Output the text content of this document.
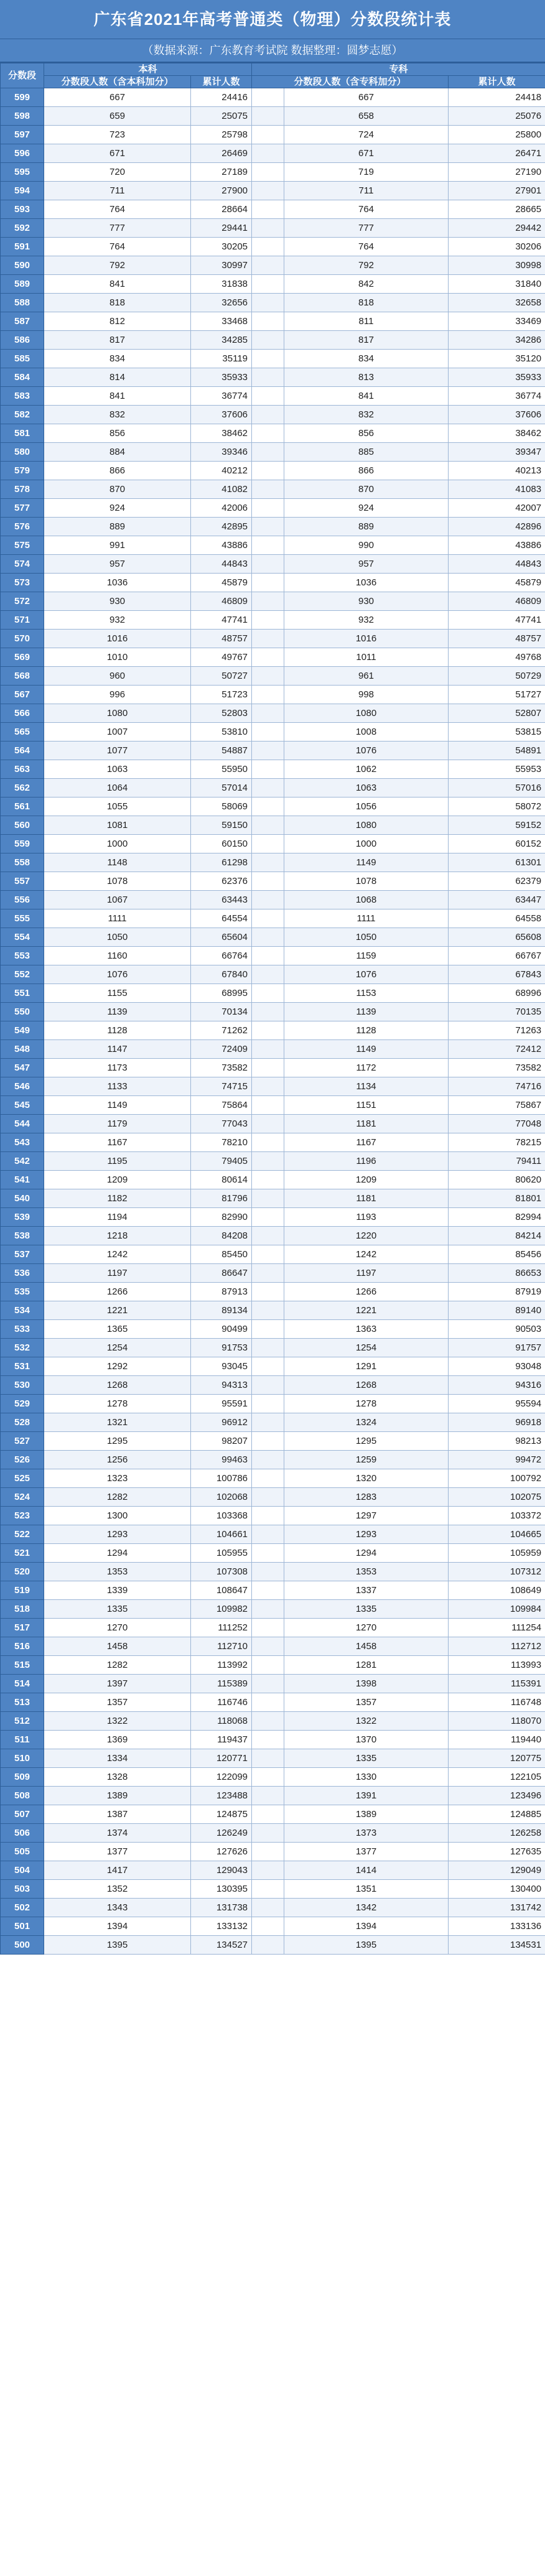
广东省2021年高考普通类（物理）分数段统计表
（数据来源：广东教育考试院 数据整理：圆梦志愿）
分数段	本科		专科		
	分数段人数（含本科加分）	累计人数	分数段人数（含专科加分）		累计人数
599	667	24416		667	24418
598	659	25075		658	25076
597	723	25798		724	25800
596	671	26469		671	26471
595	720	27189		719	27190
594	711	27900		711	27901
593	764	28664		764	28665
592	777	29441		777	29442
591	764	30205		764	30206
590	792	30997		792	30998
589	841	31838		842	31840
588	818	32656		818	32658
587	812	33468		811	33469
586	817	34285		817	34286
585	834	35119		834	35120
584	814	35933		813	35933
583	841	36774		841	36774
582	832	37606		832	37606
581	856	38462		856	38462
580	884	39346		885	39347
579	866	40212		866	40213
578	870	41082		870	41083
577	924	42006		924	42007
576	889	42895		889	42896
575	991	43886		990	43886
574	957	44843		957	44843
573	1036	45879		1036	45879
572	930	46809		930	46809
571	932	47741		932	47741
570	1016	48757		1016	48757
569	1010	49767		1011	49768
568	960	50727		961	50729
567	996	51723		998	51727
566	1080	52803		1080	52807
565	1007	53810		1008	53815
564	1077	54887		1076	54891
563	1063	55950		1062	55953
562	1064	57014		1063	57016
561	1055	58069		1056	58072
560	1081	59150		1080	59152
559	1000	60150		1000	60152
558	1148	61298		1149	61301
557	1078	62376		1078	62379
556	1067	63443		1068	63447
555	1111	64554		1111	64558
554	1050	65604		1050	65608
553	1160	66764		1159	66767
552	1076	67840		1076	67843
551	1155	68995		1153	68996
550	1139	70134		1139	70135
549	1128	71262		1128	71263
548	1147	72409		1149	72412
547	1173	73582		1172	73582
546	1133	74715		1134	74716
545	1149	75864		1151	75867
544	1179	77043		1181	77048
543	1167	78210		1167	78215
542	1195	79405		1196	79411
541	1209	80614		1209	80620
540	1182	81796		1181	81801
539	1194	82990		1193	82994
538	1218	84208		1220	84214
537	1242	85450		1242	85456
536	1197	86647		1197	86653
535	1266	87913		1266	87919
534	1221	89134		1221	89140
533	1365	90499		1363	90503
532	1254	91753		1254	91757
531	1292	93045		1291	93048
530	1268	94313		1268	94316
529	1278	95591		1278	95594
528	1321	96912		1324	96918
527	1295	98207		1295	98213
526	1256	99463		1259	99472
525	1323	100786		1320	100792
524	1282	102068		1283	102075
523	1300	103368		1297	103372
522	1293	104661		1293	104665
521	1294	105955		1294	105959
520	1353	107308		1353	107312
519	1339	108647		1337	108649
518	1335	109982		1335	109984
517	1270	111252		1270	111254
516	1458	112710		1458	112712
515	1282	113992		1281	113993
514	1397	115389		1398	115391
513	1357	116746		1357	116748
512	1322	118068		1322	118070
511	1369	119437		1370	119440
510	1334	120771		1335	120775
509	1328	122099		1330	122105
508	1389	123488		1391	123496
507	1387	124875		1389	124885
506	1374	126249		1373	126258
505	1377	127626		1377	127635
504	1417	129043		1414	129049
503	1352	130395		1351	130400
502	1343	131738		1342	131742
501	1394	133132		1394	133136
500	1395	134527		1395	134531
